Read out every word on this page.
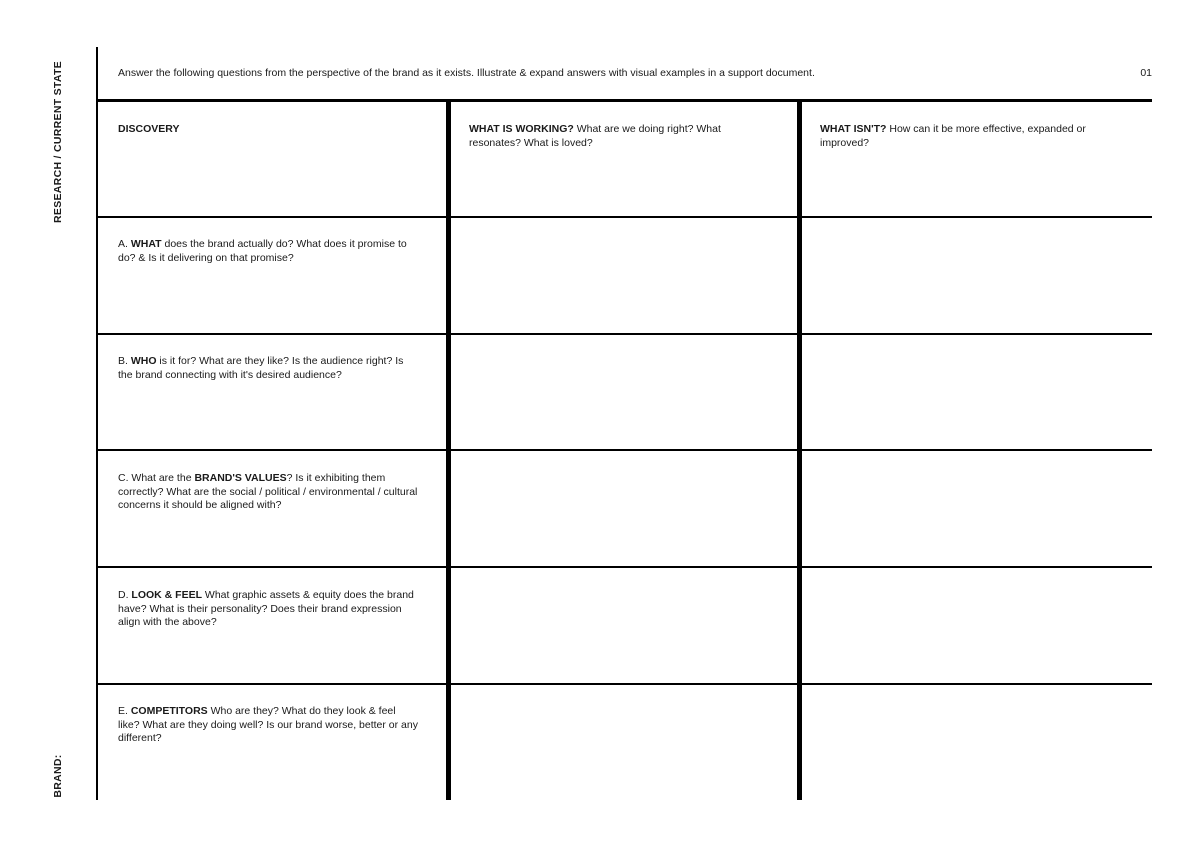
RESEARCH / CURRENT STATE
BRAND:
Answer the following questions from the perspective of the brand as it exists. Illustrate & expand answers with visual examples in a support document.	01
DISCOVERY	WHAT IS WORKING? What are we doing right? What resonates? What is loved?
WHAT ISN'T? How can it be more effective, expanded or improved?
A. WHAT does the brand actually do? What does it promise to do? & Is it delivering on that promise?
B. WHO is it for? What are they like? Is the audience right? Is the brand connecting with it's desired audience?
C. What are the BRAND'S VALUES? Is it exhibiting them correctly? What are the social / political / environmental / cultural concerns it should be aligned with?
D. LOOK & FEEL What graphic assets & equity does the brand have? What is their personality? Does their brand expression align with the above?
E. COMPETITORS Who are they? What do they look & feel like? What are they doing well? Is our brand worse, better or any different?
